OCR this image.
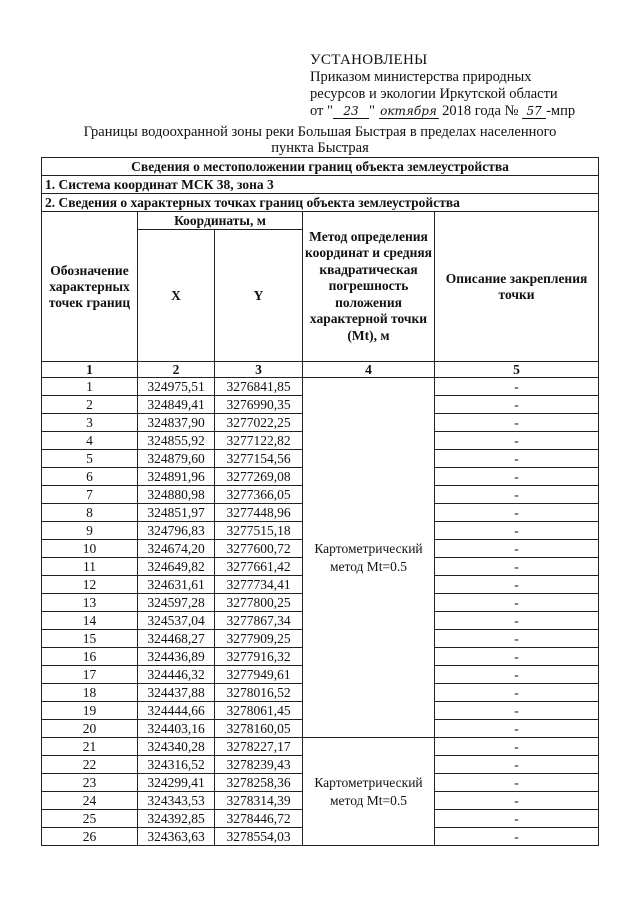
УСТАНОВЛЕНЫ
Приказом министерства природных
ресурсов и экологии Иркутской области
от " 23 " октября 2018 года № 57 -мпр
Границы водоохранной зоны реки Большая Быстрая в пределах населенного
пункта Быстрая
Сведения о местоположении границ объекта землеустройства				
1. Система координат МСК 38, зона 3				
2. Сведения о характерных точках границ объекта землеустройства				
Обозначение характерных точек границ	Координаты, м		Метод определения координат и средняя квадратическая погрешность положения характерной точки (Mt), м	Описание закрепления точки
	X	Y		
1	2	3	4	5
1	324975,51	3276841,85	Картометрический метод Mt=0.5	-
2	324849,41	3276990,35		-
3	324837,90	3277022,25		-
4	324855,92	3277122,82		-
5	324879,60	3277154,56		-
6	324891,96	3277269,08		-
7	324880,98	3277366,05		-
8	324851,97	3277448,96		-
9	324796,83	3277515,18		-
10	324674,20	3277600,72		-
11	324649,82	3277661,42		-
12	324631,61	3277734,41		-
13	324597,28	3277800,25		-
14	324537,04	3277867,34		-
15	324468,27	3277909,25		-
16	324436,89	3277916,32		-
17	324446,32	3277949,61		-
18	324437,88	3278016,52		-
19	324444,66	3278061,45		-
20	324403,16	3278160,05		-
21	324340,28	3278227,17	Картометрический метод Mt=0.5	-
22	324316,52	3278239,43		-
23	324299,41	3278258,36		-
24	324343,53	3278314,39		-
25	324392,85	3278446,72		-
26	324363,63	3278554,03		-
